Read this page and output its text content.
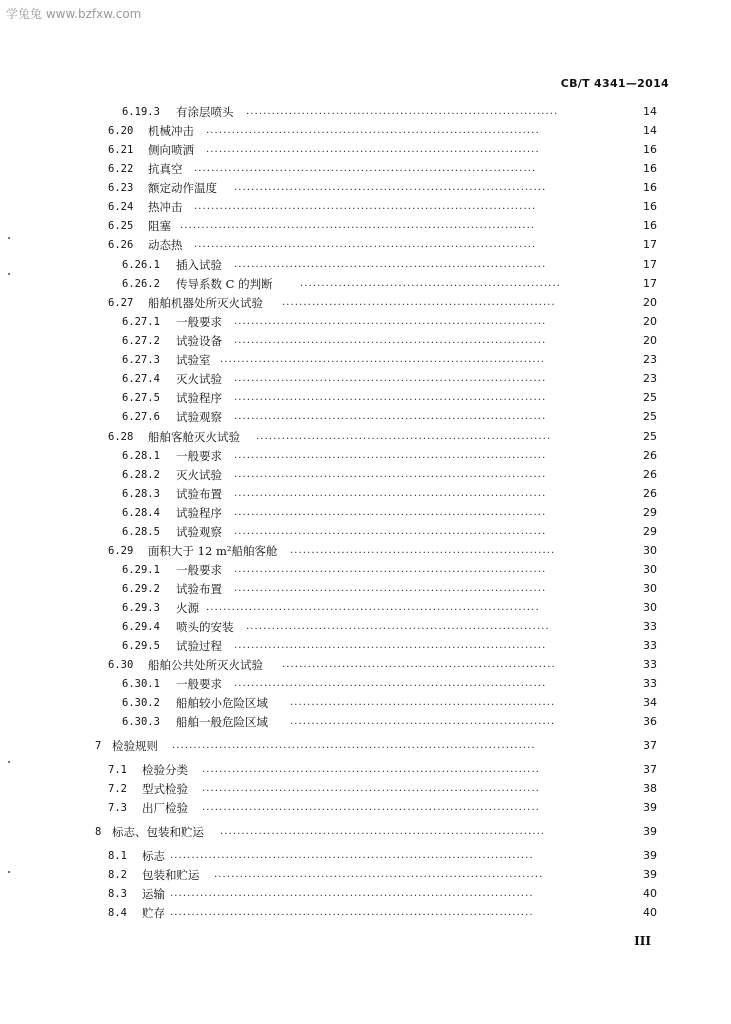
学兔兔 www.bzfxw.com
CB/T 4341—2014
6.19.3 有涂层喷头 .........................................................................	14
6.20 机械冲击 ..............................................................................	14
6.21 侧向喷洒 ..............................................................................	16
6.22 抗真空 ................................................................................	16
6.23 额定动作温度 .........................................................................	16
6.24 热冲击 ................................................................................	16
6.25 阻塞 ...................................................................................	16
6.26 动态热 ................................................................................	17
6.26.1 插入试验 .........................................................................	17
6.26.2 传导系数 C 的判断	.............................................................	17
6.27 船舶机器处所灭火试验 ................................................................	20
6.27.1 一般要求 .........................................................................	20
6.27.2 试验设备 .........................................................................	20
6.27.3 试验室 ............................................................................	23
6.27.4 灭火试验 .........................................................................	23
6.27.5 试验程序 .........................................................................	25
6.27.6 试验观察 .........................................................................	25
6.28 船舶客舱灭火试验 .....................................................................	25
6.28.1 一般要求 .........................................................................	26
6.28.2 灭火试验 .........................................................................	26
6.28.3 试验布置 .........................................................................	26
6.28.4 试验程序 .........................................................................	29
6.28.5 试验观察 .........................................................................	29
6.29 面积大于 12 m²船舶客舱 ..............................................................	30
6.29.1 一般要求 .........................................................................	30
6.29.2 试验布置 .........................................................................	30
6.29.3 火源 ..............................................................................	30
6.29.4 喷头的安装 .......................................................................	33
6.29.5 试验过程 .........................................................................	33
6.30 船舶公共处所灭火试验 ................................................................	33
6.30.1 一般要求 .........................................................................	33
6.30.2 船舶较小危险区域 ..............................................................	34
6.30.3 船舶一般危险区域 ..............................................................	36
7 检验规则 .....................................................................................	37
7.1 检验分类 ...............................................................................	37
7.2 型式检验 ...............................................................................	38
7.3 出厂检验 ...............................................................................	39
8 标志、包装和贮运 ............................................................................	39
8.1 标志 .....................................................................................	39
8.2 包装和贮运 .............................................................................	39
8.3 运输 .....................................................................................	40
8.4 贮存 .....................................................................................	40
III
